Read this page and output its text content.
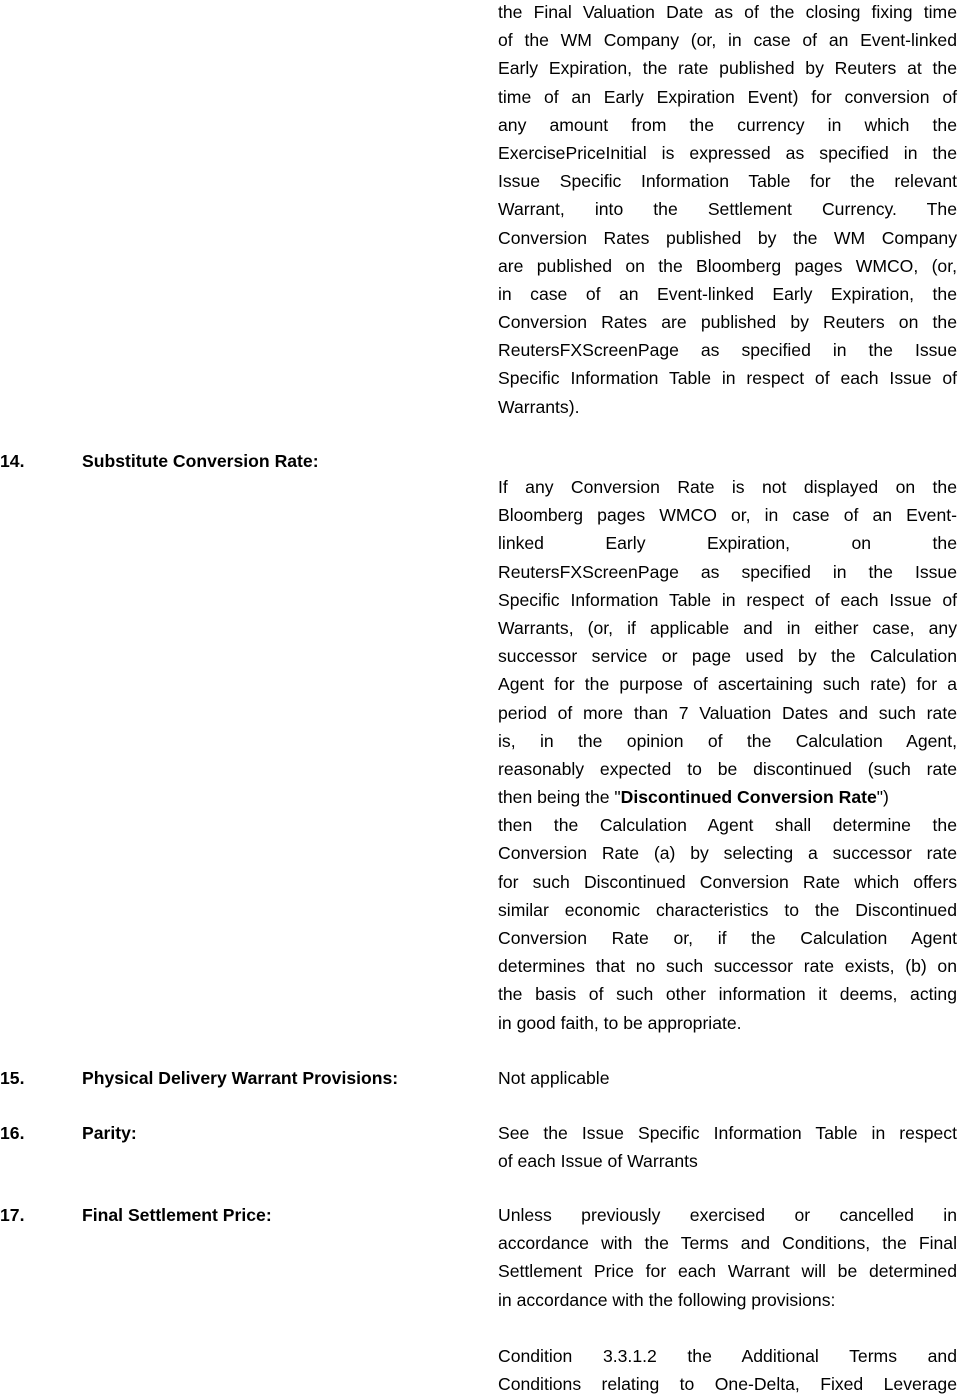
the Final Valuation Date as of the closing fixing time
of the WM Company (or, in case of an Event-linked
Early Expiration, the rate published by Reuters at the
time of an Early Expiration Event) for conversion of
any amount from the currency in which the
ExercisePriceInitial is expressed as specified in the
Issue Specific Information Table for the relevant
Warrant, into the Settlement Currency. The
Conversion Rates published by the WM Company
are published on the Bloomberg pages WMCO, (or,
in case of an Event-linked Early Expiration, the
Conversion Rates are published by Reuters on the
ReutersFXScreenPage as specified in the Issue
Specific Information Table in respect of each Issue of
Warrants).
14.	Substitute Conversion Rate:
If any Conversion Rate is not displayed on the
Bloomberg pages WMCO or, in case of an Event-
linked Early Expiration, on the
ReutersFXScreenPage as specified in the Issue
Specific Information Table in respect of each Issue of
Warrants, (or, if applicable and in either case, any
successor service or page used by the Calculation
Agent for the purpose of ascertaining such rate) for a
period of more than 7 Valuation Dates and such rate
is, in the opinion of the Calculation Agent,
reasonably expected to be discontinued (such rate
then being the "Discontinued Conversion Rate")
then the Calculation Agent shall determine the
Conversion Rate (a) by selecting a successor rate
for such Discontinued Conversion Rate which offers
similar economic characteristics to the Discontinued
Conversion Rate or, if the Calculation Agent
determines that no such successor rate exists, (b) on
the basis of such other information it deems, acting
in good faith, to be appropriate.
15.	Physical Delivery Warrant Provisions:	Not applicable
16.	Parity:	See the Issue Specific Information Table in respect
of each Issue of Warrants
17.	Final Settlement Price:	Unless previously exercised or cancelled in
accordance with the Terms and Conditions, the Final
Settlement Price for each Warrant will be determined
in accordance with the following provisions:
Condition 3.3.1.2 the Additional Terms and
Conditions relating to One-Delta, Fixed Leverage
